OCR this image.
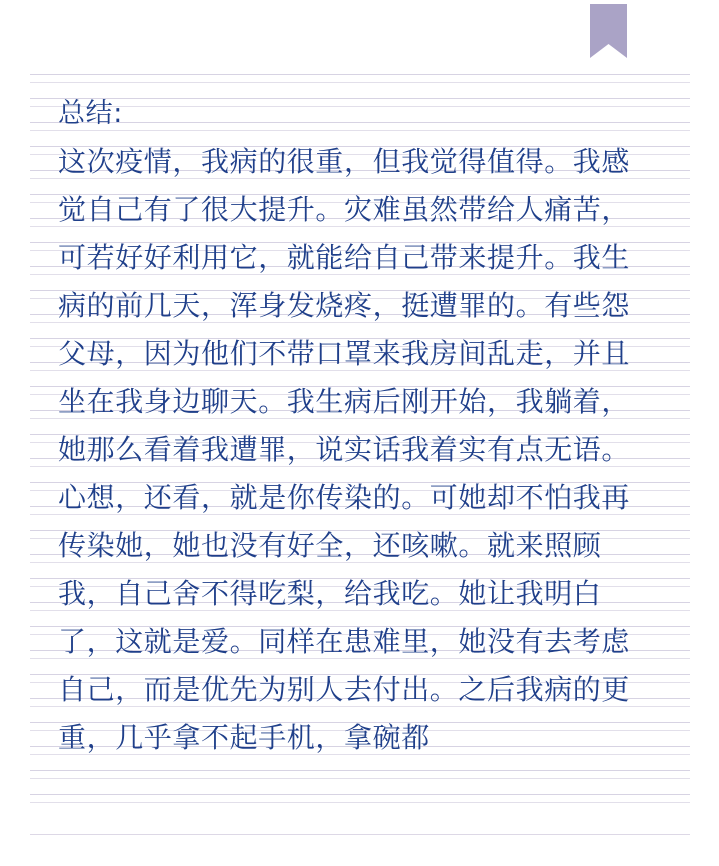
总结:

这次疫情，我病的很重，但我觉得值得。我感觉自己有了很大提升。灾难虽然带给人痛苦，可若好好利用它，就能给自己带来提升。我生病的前几天，浑身发烧疼，挺遭罪的。有些怨父母，因为他们不带口罩来我房间乱走，并且坐在我身边聊天。我生病后刚开始，我躺着，她那么看着我遭罪，说实话我着实有点无语。心想，还看，就是你传染的。可她却不怕我再传染她，她也没有好全，还咳嗽。就来照顾我，自己舍不得吃梨，给我吃。她让我明白了，这就是爱。同样在患难里，她没有去考虑自己，而是优先为别人去付出。之后我病的更重，几乎拿不起手机，拿碗都
